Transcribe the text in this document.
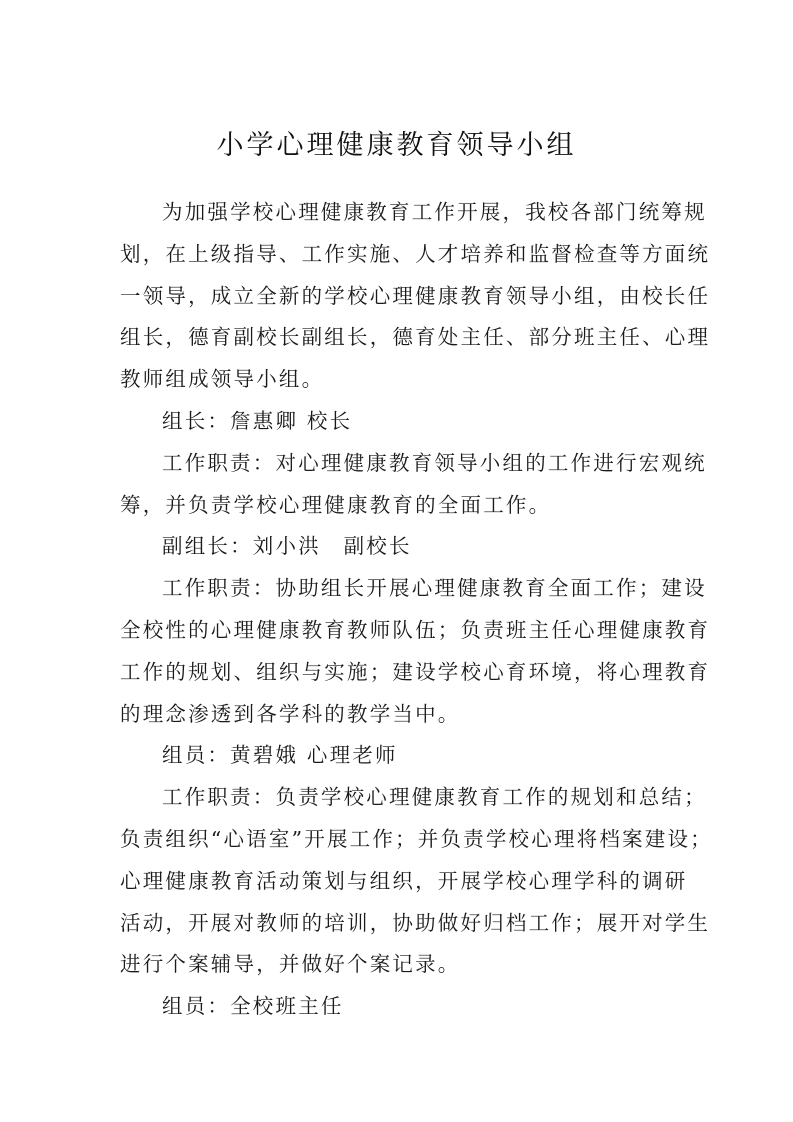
小学心理健康教育领导小组

为加强学校心理健康教育工作开展，我校各部门统筹规
划，在上级指导、工作实施、人才培养和监督检查等方面统
一领导，成立全新的学校心理健康教育领导小组，由校长任
组长，德育副校长副组长，德育处主任、部分班主任、心理
教师组成领导小组。

组长：詹惠卿 校长

工作职责：对心理健康教育领导小组的工作进行宏观统
筹，并负责学校心理健康教育的全面工作。

副组长：刘小洪　副校长

工作职责：协助组长开展心理健康教育全面工作；建设
全校性的心理健康教育教师队伍；负责班主任心理健康教育
工作的规划、组织与实施；建设学校心育环境，将心理教育
的理念渗透到各学科的教学当中。

组员：黄碧娥 心理老师

工作职责：负责学校心理健康教育工作的规划和总结；
负责组织“心语室”开展工作；并负责学校心理将档案建设；
心理健康教育活动策划与组织，开展学校心理学科的调研
活动，开展对教师的培训，协助做好归档工作；展开对学生
进行个案辅导，并做好个案记录。

组员：全校班主任
